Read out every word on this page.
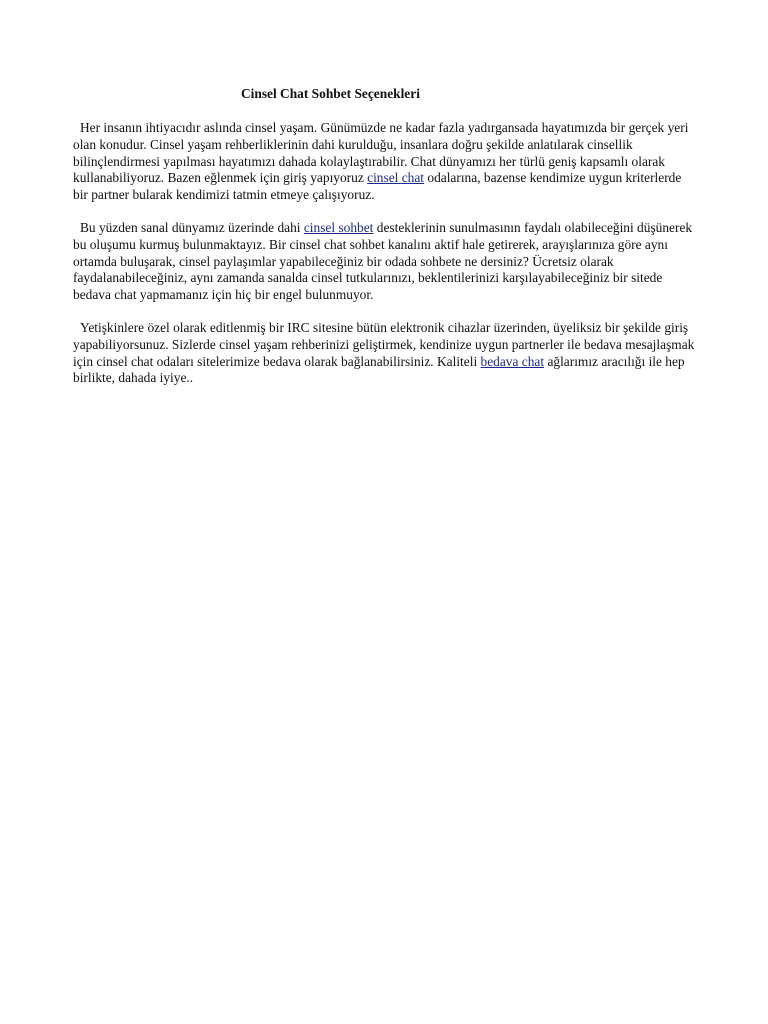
Cinsel Chat Sohbet Seçenekleri

Her insanın ihtiyacıdır aslında cinsel yaşam. Günümüzde ne kadar fazla yadırgansada hayatımızda bir gerçek yeri olan konudur. Cinsel yaşam rehberliklerinin dahi kurulduğu, insanlara doğru şekilde anlatılarak cinsellik bilinçlendirmesi yapılması hayatımızı dahada kolaylaştırabilir. Chat dünyamızı her türlü geniş kapsamlı olarak kullanabiliyoruz. Bazen eğlenmek için giriş yapıyoruz cinsel chat odalarına, bazense kendimize uygun kriterlerde bir partner bularak kendimizi tatmin etmeye çalışıyoruz.

Bu yüzden sanal dünyamız üzerinde dahi cinsel sohbet desteklerinin sunulmasının faydalı olabileceğini düşünerek bu oluşumu kurmuş bulunmaktayız. Bir cinsel chat sohbet kanalını aktif hale getirerek, arayışlarınıza göre aynı ortamda buluşarak, cinsel paylaşımlar yapabileceğiniz bir odada sohbete ne dersiniz? Ücretsiz olarak faydalanabileceğiniz, aynı zamanda sanalda cinsel tutkularınızı, beklentilerinizi karşılayabileceğiniz bir sitede bedava chat yapmamanız için hiç bir engel bulunmuyor.

Yetişkinlere özel olarak editlenmiş bir IRC sitesine bütün elektronik cihazlar üzerinden, üyeliksiz bir şekilde giriş yapabiliyorsunuz. Sizlerde cinsel yaşam rehberinizi geliştirmek, kendinize uygun partnerler ile bedava mesajlaşmak için cinsel chat odaları sitelerimize bedava olarak bağlanabilirsiniz. Kaliteli bedava chat ağlarımız aracılığı ile hep birlikte, dahada iyiye..
